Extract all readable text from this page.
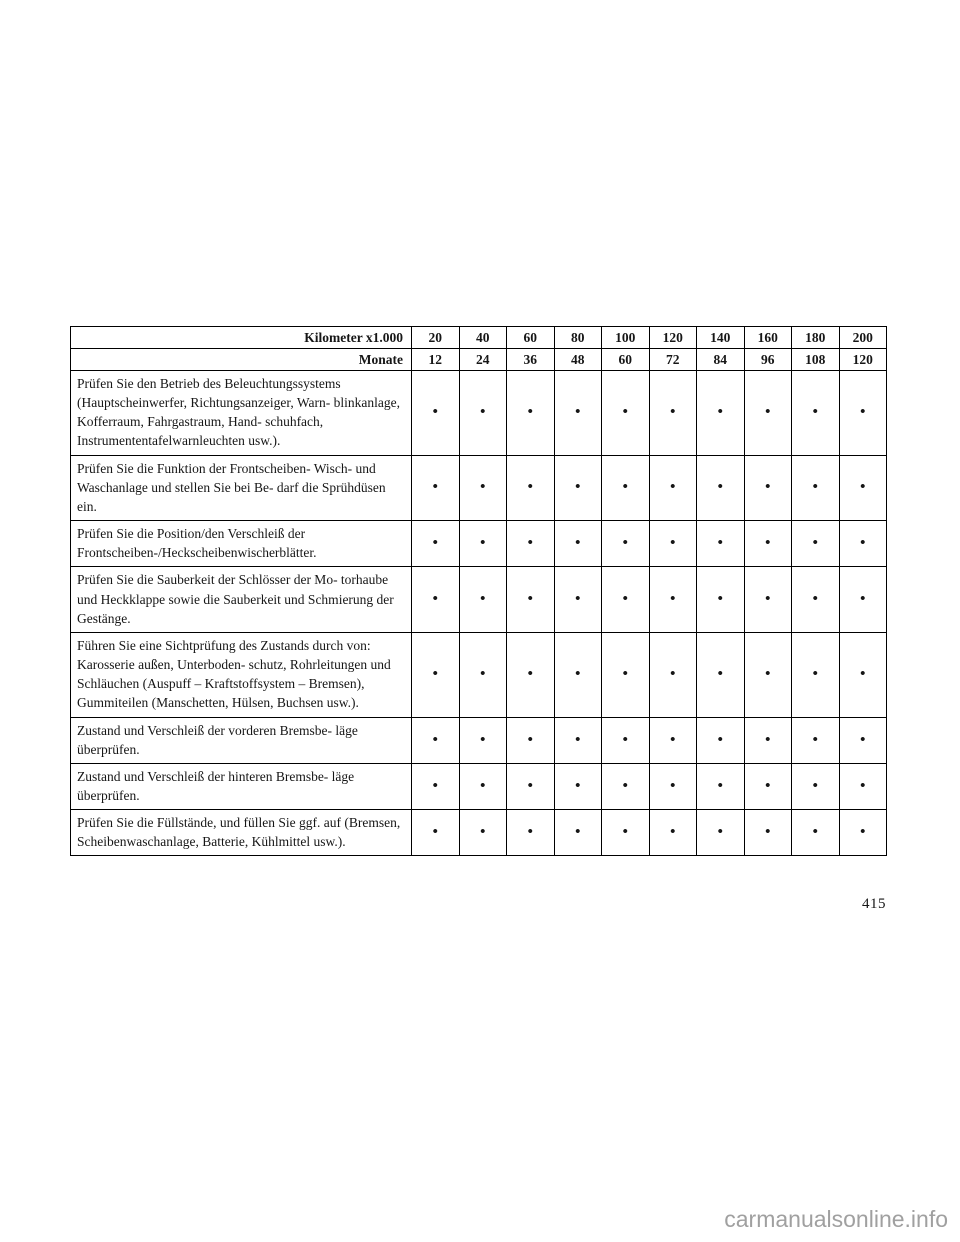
Kilometer x1.000	20	40	60	80	100	120	140	160	180	200
Monate	12	24	36	48	60	72	84	96	108	120
Prüfen Sie den Betrieb des Beleuchtungssystems (Hauptscheinwerfer, Richtungsanzeiger, Warn- blinkanlage, Kofferraum, Fahrgastraum, Hand- schuhfach, Instrumententafelwarnleuchten usw.).	•	•	•	•	•	•	•	•	•	•
Prüfen Sie die Funktion der Frontscheiben- Wisch- und Waschanlage und stellen Sie bei Be- darf die Sprühdüsen ein.	•	•	•	•	•	•	•	•	•	•
Prüfen Sie die Position/den Verschleiß der Frontscheiben-/Heckscheibenwischerblätter.	•	•	•	•	•	•	•	•	•	•
Prüfen Sie die Sauberkeit der Schlösser der Mo- torhaube und Heckklappe sowie die Sauberkeit und Schmierung der Gestänge.	•	•	•	•	•	•	•	•	•	•
Führen Sie eine Sichtprüfung des Zustands durch von: Karosserie außen, Unterboden- schutz, Rohrleitungen und Schläuchen (Auspuff – Kraftstoffsystem – Bremsen), Gummiteilen (Manschetten, Hülsen, Buchsen usw.).	•	•	•	•	•	•	•	•	•	•
Zustand und Verschleiß der vorderen Bremsbe- läge überprüfen.	•	•	•	•	•	•	•	•	•	•
Zustand und Verschleiß der hinteren Bremsbe- läge überprüfen.	•	•	•	•	•	•	•	•	•	•
Prüfen Sie die Füllstände, und füllen Sie ggf. auf (Bremsen, Scheibenwaschanlage, Batterie, Kühlmittel usw.).	•	•	•	•	•	•	•	•	•	•
415
carmanualsonline.info
